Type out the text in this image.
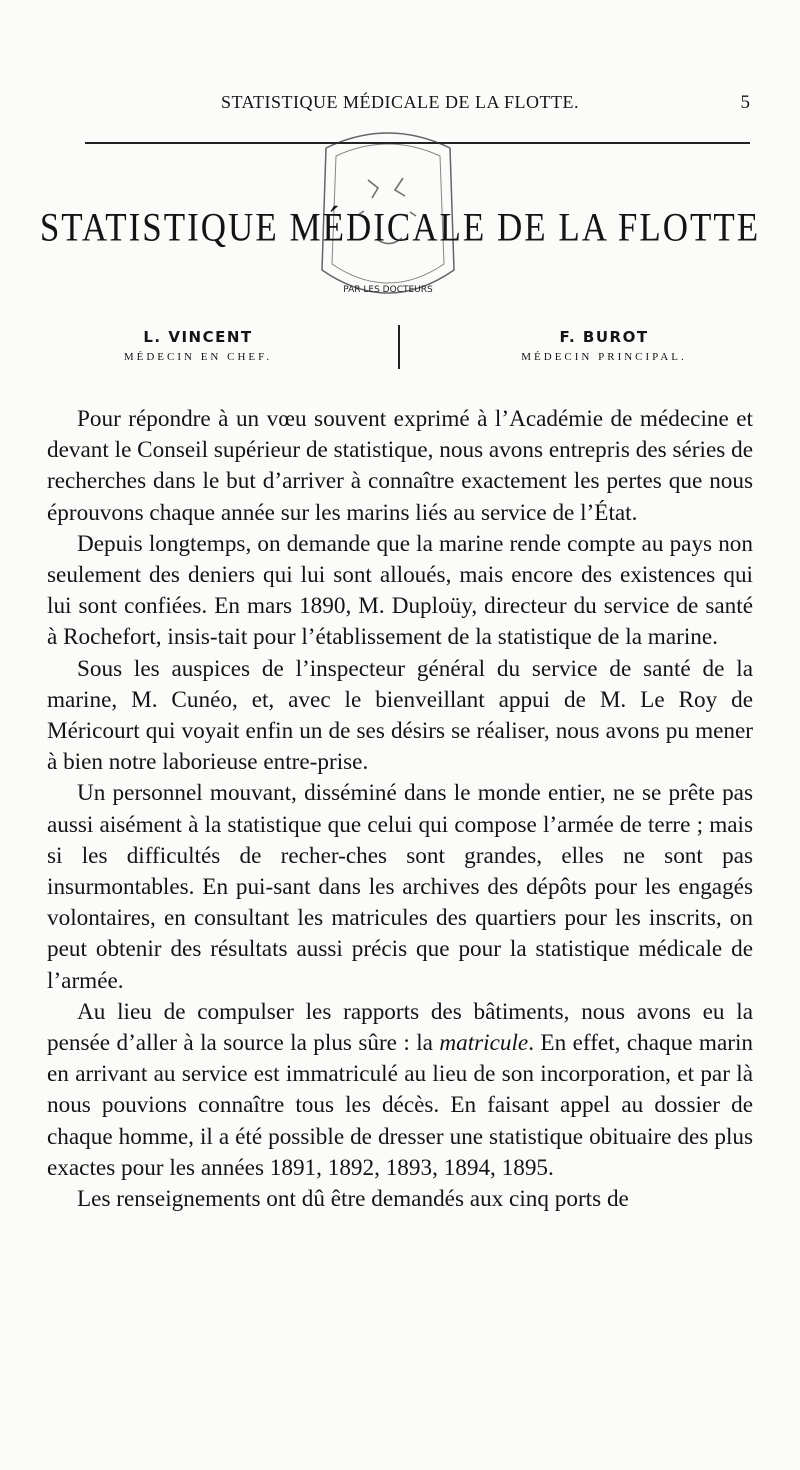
STATISTIQUE MÉDICALE DE LA FLOTTE.	5
PAR LES DOCTEURS
STATISTIQUE MÉDICALE DE LA FLOTTE
L. VINCENT
MÉDECIN EN CHEF.
F. BUROT
MÉDECIN PRINCIPAL.

Pour répondre à un vœu souvent exprimé à l’Académie de médecine et devant le Conseil supérieur de statistique, nous avons entrepris des séries de recherches dans le but d’arriver à connaître exactement les pertes que nous éprouvons chaque année sur les marins liés au service de l’État.

Depuis longtemps, on demande que la marine rende compte au pays non seulement des deniers qui lui sont alloués, mais encore des existences qui lui sont confiées. En mars 1890, M. Duploüy, directeur du service de santé à Rochefort, insis-tait pour l’établissement de la statistique de la marine.

Sous les auspices de l’inspecteur général du service de santé de la marine, M. Cunéo, et, avec le bienveillant appui de M. Le Roy de Méricourt qui voyait enfin un de ses désirs se réaliser, nous avons pu mener à bien notre laborieuse entre-prise.

Un personnel mouvant, disséminé dans le monde entier, ne se prête pas aussi aisément à la statistique que celui qui compose l’armée de terre ; mais si les difficultés de recher-ches sont grandes, elles ne sont pas insurmontables. En pui-sant dans les archives des dépôts pour les engagés volontaires, en consultant les matricules des quartiers pour les inscrits, on peut obtenir des résultats aussi précis que pour la statistique médicale de l’armée.

Au lieu de compulser les rapports des bâtiments, nous avons eu la pensée d’aller à la source la plus sûre : la matricule. En effet, chaque marin en arrivant au service est immatriculé au lieu de son incorporation, et par là nous pouvions connaître tous les décès. En faisant appel au dossier de chaque homme, il a été possible de dresser une statistique obituaire des plus exactes pour les années 1891, 1892, 1893, 1894, 1895.

Les renseignements ont dû être demandés aux cinq ports de
